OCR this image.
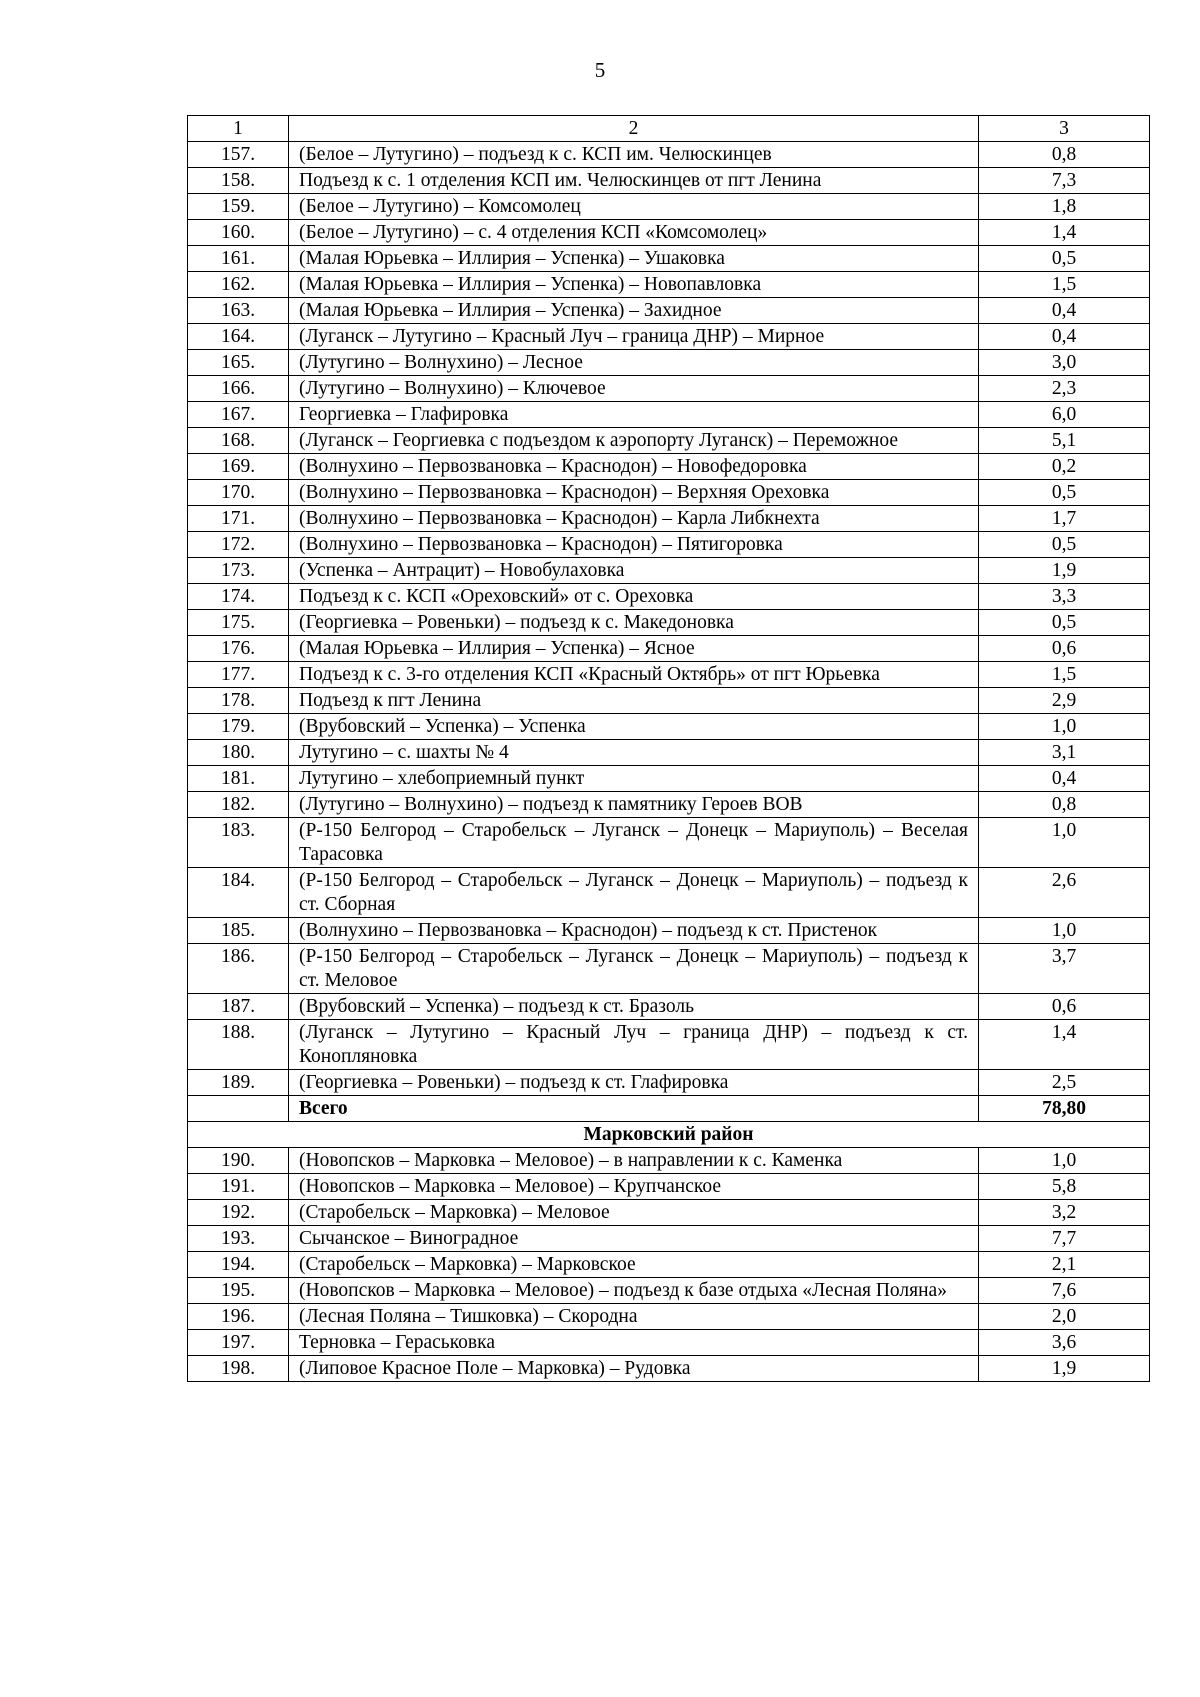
5
1	2	3
157.	(Белое – Лутугино) – подъезд к с. КСП им. Челюскинцев	0,8
158.	Подъезд к с. 1 отделения КСП им. Челюскинцев от пгт Ленина	7,3
159.	(Белое – Лутугино) – Комсомолец	1,8
160.	(Белое – Лутугино) – с. 4 отделения КСП «Комсомолец»	1,4
161.	(Малая Юрьевка – Иллирия – Успенка) – Ушаковка	0,5
162.	(Малая Юрьевка – Иллирия – Успенка) – Новопавловка	1,5
163.	(Малая Юрьевка – Иллирия – Успенка) – Захидное	0,4
164.	(Луганск – Лутугино – Красный Луч – граница ДНР) – Мирное	0,4
165.	(Лутугино – Волнухино) – Лесное	3,0
166.	(Лутугино – Волнухино) – Ключевое	2,3
167.	Георгиевка – Глафировка	6,0
168.	(Луганск – Георгиевка с подъездом к аэропорту Луганск) – Переможное	5,1
169.	(Волнухино – Первозвановка – Краснодон) – Новофедоровка	0,2
170.	(Волнухино – Первозвановка – Краснодон) – Верхняя Ореховка	0,5
171.	(Волнухино – Первозвановка – Краснодон) – Карла Либкнехта	1,7
172.	(Волнухино – Первозвановка – Краснодон) – Пятигоровка	0,5
173.	(Успенка – Антрацит) – Новобулаховка	1,9
174.	Подъезд к с. КСП «Ореховский» от с. Ореховка	3,3
175.	(Георгиевка – Ровеньки) – подъезд к с. Македоновка	0,5
176.	(Малая Юрьевка – Иллирия – Успенка) – Ясное	0,6
177.	Подъезд к с. 3-го отделения КСП «Красный Октябрь» от пгт Юрьевка	1,5
178.	Подъезд к пгт Ленина	2,9
179.	(Врубовский – Успенка) – Успенка	1,0
180.	Лутугино – с. шахты № 4	3,1
181.	Лутугино – хлебоприемный пункт	0,4
182.	(Лутугино – Волнухино) – подъезд к памятнику Героев ВОВ	0,8
183.	(Р-150 Белгород – Старобельск – Луганск – Донецк – Мариуполь) – Веселая Тарасовка	1,0
184.	(Р-150 Белгород – Старобельск – Луганск – Донецк – Мариуполь) – подъезд к ст. Сборная	2,6
185.	(Волнухино – Первозвановка – Краснодон) – подъезд к ст. Пристенок	1,0
186.	(Р-150 Белгород – Старобельск – Луганск – Донецк – Мариуполь) – подъезд к ст. Меловое	3,7
187.	(Врубовский – Успенка) – подъезд к ст. Бразоль	0,6
188.	(Луганск – Лутугино – Красный Луч – граница ДНР) – подъезд к ст. Коноплянoвка	1,4
189.	(Георгиевка – Ровеньки) – подъезд к ст. Глафировка	2,5
	Всего	78,80
Марковский район		
190.	(Новопсков – Марковка – Меловое) – в направлении к с. Каменка	1,0
191.	(Новопсков – Марковка – Меловое) – Крупчанское	5,8
192.	(Старобельск – Марковка) – Меловое	3,2
193.	Сычанское – Виноградное	7,7
194.	(Старобельск – Марковка) – Марковское	2,1
195.	(Новопсков – Марковка – Меловое) – подъезд к базе отдыха «Лесная Поляна»	7,6
196.	(Лесная Поляна – Тишковка) – Скородна	2,0
197.	Терновка – Гераськовка	3,6
198.	(Липовое Красное Поле – Марковка) – Рудовка	1,9
